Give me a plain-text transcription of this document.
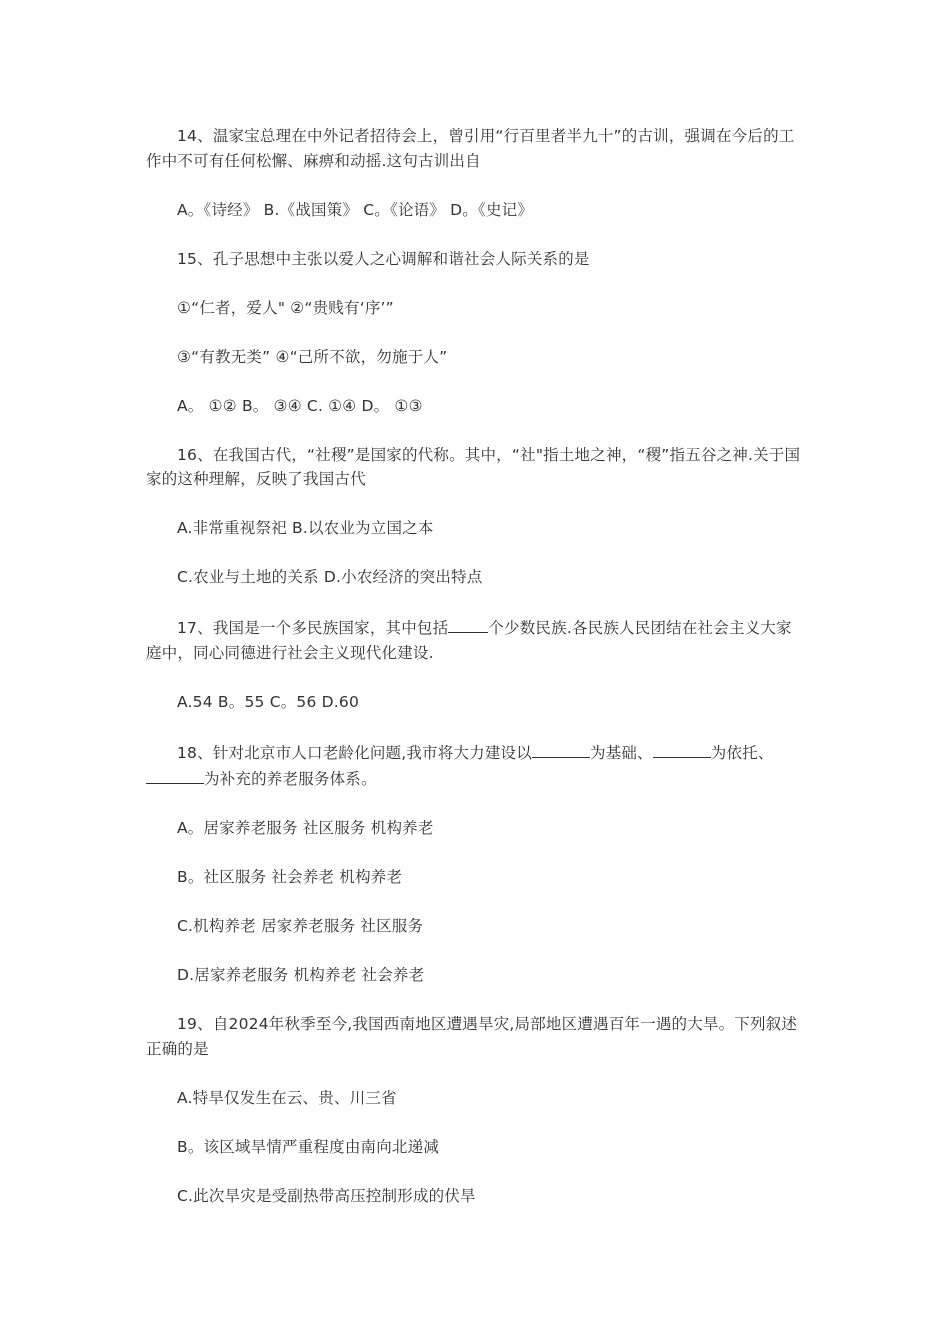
14、温家宝总理在中外记者招待会上，曾引用“行百里者半九十”的古训，强调在今后的工作中不可有任何松懈、麻痹和动摇.这句古训出自

A。《诗经》 B.《战国策》 C。《论语》 D。《史记》

15、孔子思想中主张以爱人之心调解和谐社会人际关系的是

①“仁者，爱人" ②“贵贱有‘序’”

③“有教无类” ④“己所不欲，勿施于人”

A。 ①② B。 ③④ C. ①④ D。 ①③

16、在我国古代，“社稷”是国家的代称。其中，“社"指土地之神，“稷”指五谷之神.关于国家的这种理解，反映了我国古代

A.非常重视祭祀 B.以农业为立国之本

C.农业与土地的关系 D.小农经济的突出特点

17、我国是一个多民族国家，其中包括	个少数民族.各民族人民团结在社会主义大家庭中，同心同德进行社会主义现代化建设.

A.54 B。55 C。56 D.60

18、针对北京市人口老龄化问题,我市将大力建设以	为基础、	为依托、为补充的养老服务体系。

A。居家养老服务 社区服务 机构养老

B。社区服务 社会养老 机构养老

C.机构养老 居家养老服务 社区服务

D.居家养老服务 机构养老 社会养老

19、自2024年秋季至今,我国西南地区遭遇旱灾,局部地区遭遇百年一遇的大旱。下列叙述正确的是

A.特旱仅发生在云、贵、川三省

B。该区域旱情严重程度由南向北递减

C.此次旱灾是受副热带高压控制形成的伏旱
